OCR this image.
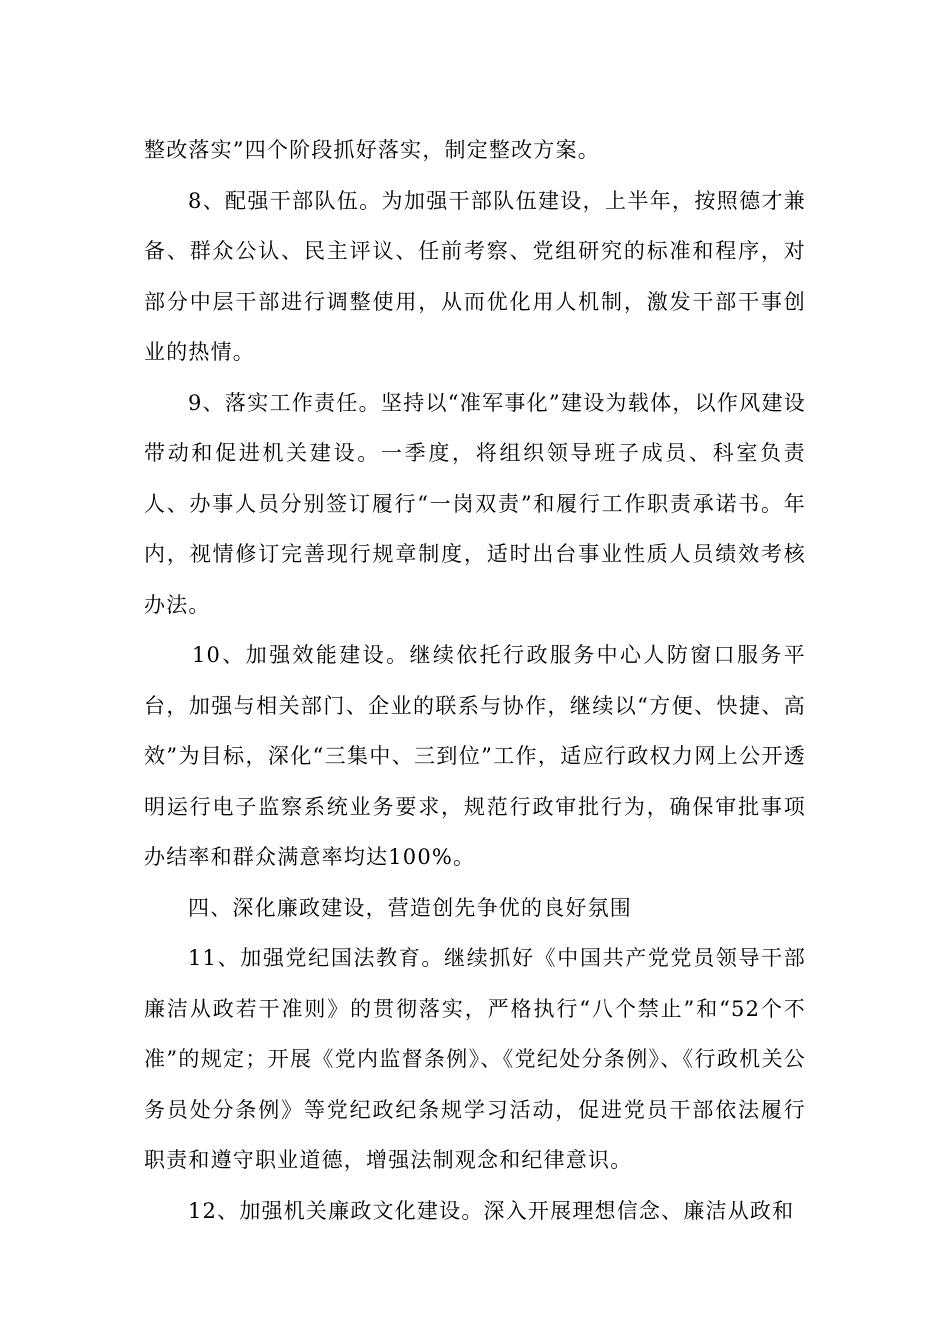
整改落实”四个阶段抓好落实，制定整改方案。

8、配强干部队伍。为加强干部队伍建设，上半年，按照德才兼备、群众公认、民主评议、任前考察、党组研究的标准和程序，对部分中层干部进行调整使用，从而优化用人机制，激发干部干事创业的热情。

9、落实工作责任。坚持以“准军事化”建设为载体，以作风建设带动和促进机关建设。一季度，将组织领导班子成员、科室负责人、办事人员分别签订履行“一岗双责”和履行工作职责承诺书。年内，视情修订完善现行规章制度，适时出台事业性质人员绩效考核办法。

10、加强效能建设。继续依托行政服务中心人防窗口服务平台，加强与相关部门、企业的联系与协作，继续以“方便、快捷、高效”为目标，深化“三集中、三到位”工作，适应行政权力网上公开透明运行电子监察系统业务要求，规范行政审批行为，确保审批事项办结率和群众满意率均达100%。

四、深化廉政建设，营造创先争优的良好氛围

11、加强党纪国法教育。继续抓好《中国共产党党员领导干部廉洁从政若干准则》的贯彻落实，严格执行“八个禁止”和“52个不准”的规定；开展《党内监督条例》、《党纪处分条例》、《行政机关公务员处分条例》等党纪政纪条规学习活动，促进党员干部依法履行职责和遵守职业道德，增强法制观念和纪律意识。

12、加强机关廉政文化建设。深入开展理想信念、廉洁从政和
